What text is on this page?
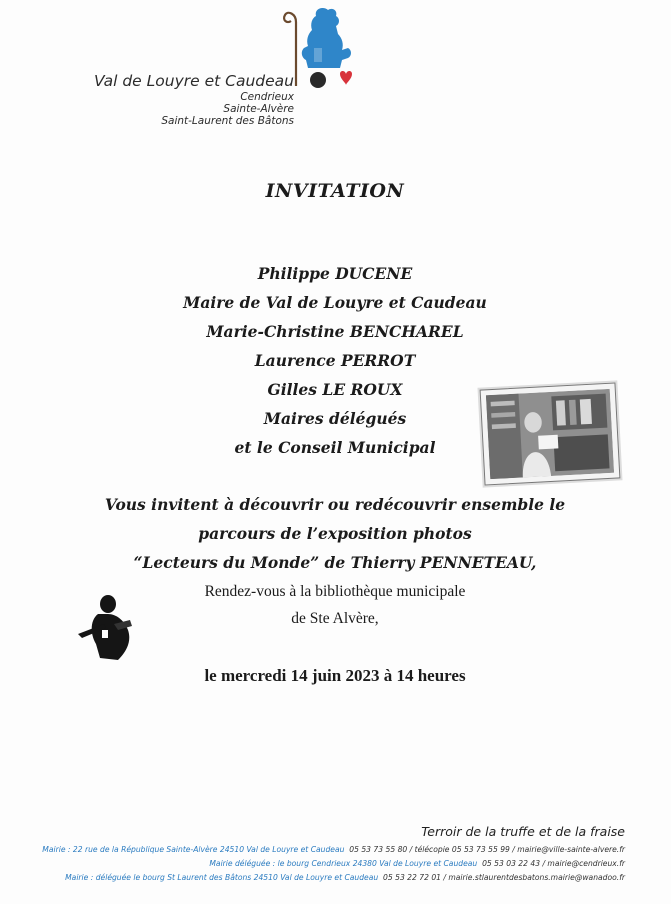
Val de Louyre et Caudeau
Cendrieux
Sainte-Alvère
Saint-Laurent des Bâtons
INVITATION
Philippe DUCENE
Maire de Val de Louyre et Caudeau
Marie-Christine BENCHAREL
Laurence PERROT
Gilles LE ROUX
Maires délégués
et le Conseil Municipal
Vous invitent à découvrir ou redécouvrir ensemble le
parcours de l’exposition photos
“Lecteurs du Monde” de Thierry PENNETEAU,
Rendez-vous à la bibliothèque municipale
de Ste Alvère,
le mercredi 14 juin 2023 à 14 heures
Terroir de la truffe et de la fraise
Mairie : 22 rue de la République Sainte-Alvère 24510 Val de Louyre et Caudeau 05 53 73 55 80 / télécopie 05 53 73 55 99 / mairie@ville-sainte-alvere.fr
Mairie déléguée : le bourg Cendrieux 24380 Val de Louyre et Caudeau 05 53 03 22 43 / mairie@cendrieux.fr
Mairie : déléguée le bourg St Laurent des Bâtons 24510 Val de Louyre et Caudeau 05 53 22 72 01 / mairie.stlaurentdesbatons.mairie@wanadoo.fr
